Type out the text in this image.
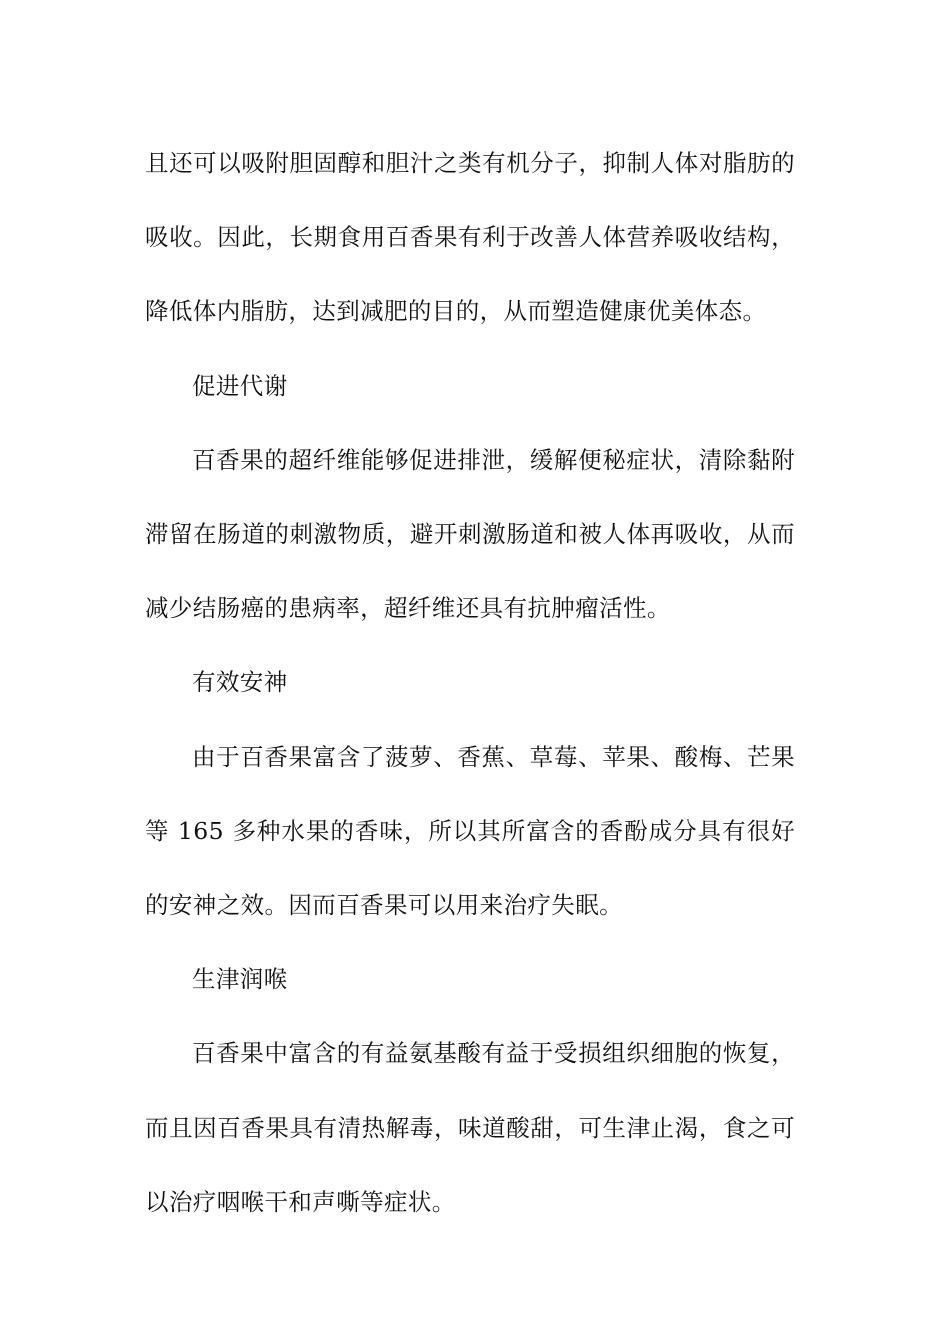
且还可以吸附胆固醇和胆汁之类有机分子，抑制人体对脂肪的吸收。因此，长期食用百香果有利于改善人体营养吸收结构，降低体内脂肪，达到减肥的目的，从而塑造健康优美体态。

促进代谢

百香果的超纤维能够促进排泄，缓解便秘症状，清除黏附滞留在肠道的刺激物质，避开刺激肠道和被人体再吸收，从而减少结肠癌的患病率，超纤维还具有抗肿瘤活性。

有效安神

由于百香果富含了菠萝、香蕉、草莓、苹果、酸梅、芒果等 165 多种水果的香味，所以其所富含的香酚成分具有很好的安神之效。因而百香果可以用来治疗失眠。

生津润喉

百香果中富含的有益氨基酸有益于受损组织细胞的恢复，而且因百香果具有清热解毒，味道酸甜，可生津止渴，食之可以治疗咽喉干和声嘶等症状。
